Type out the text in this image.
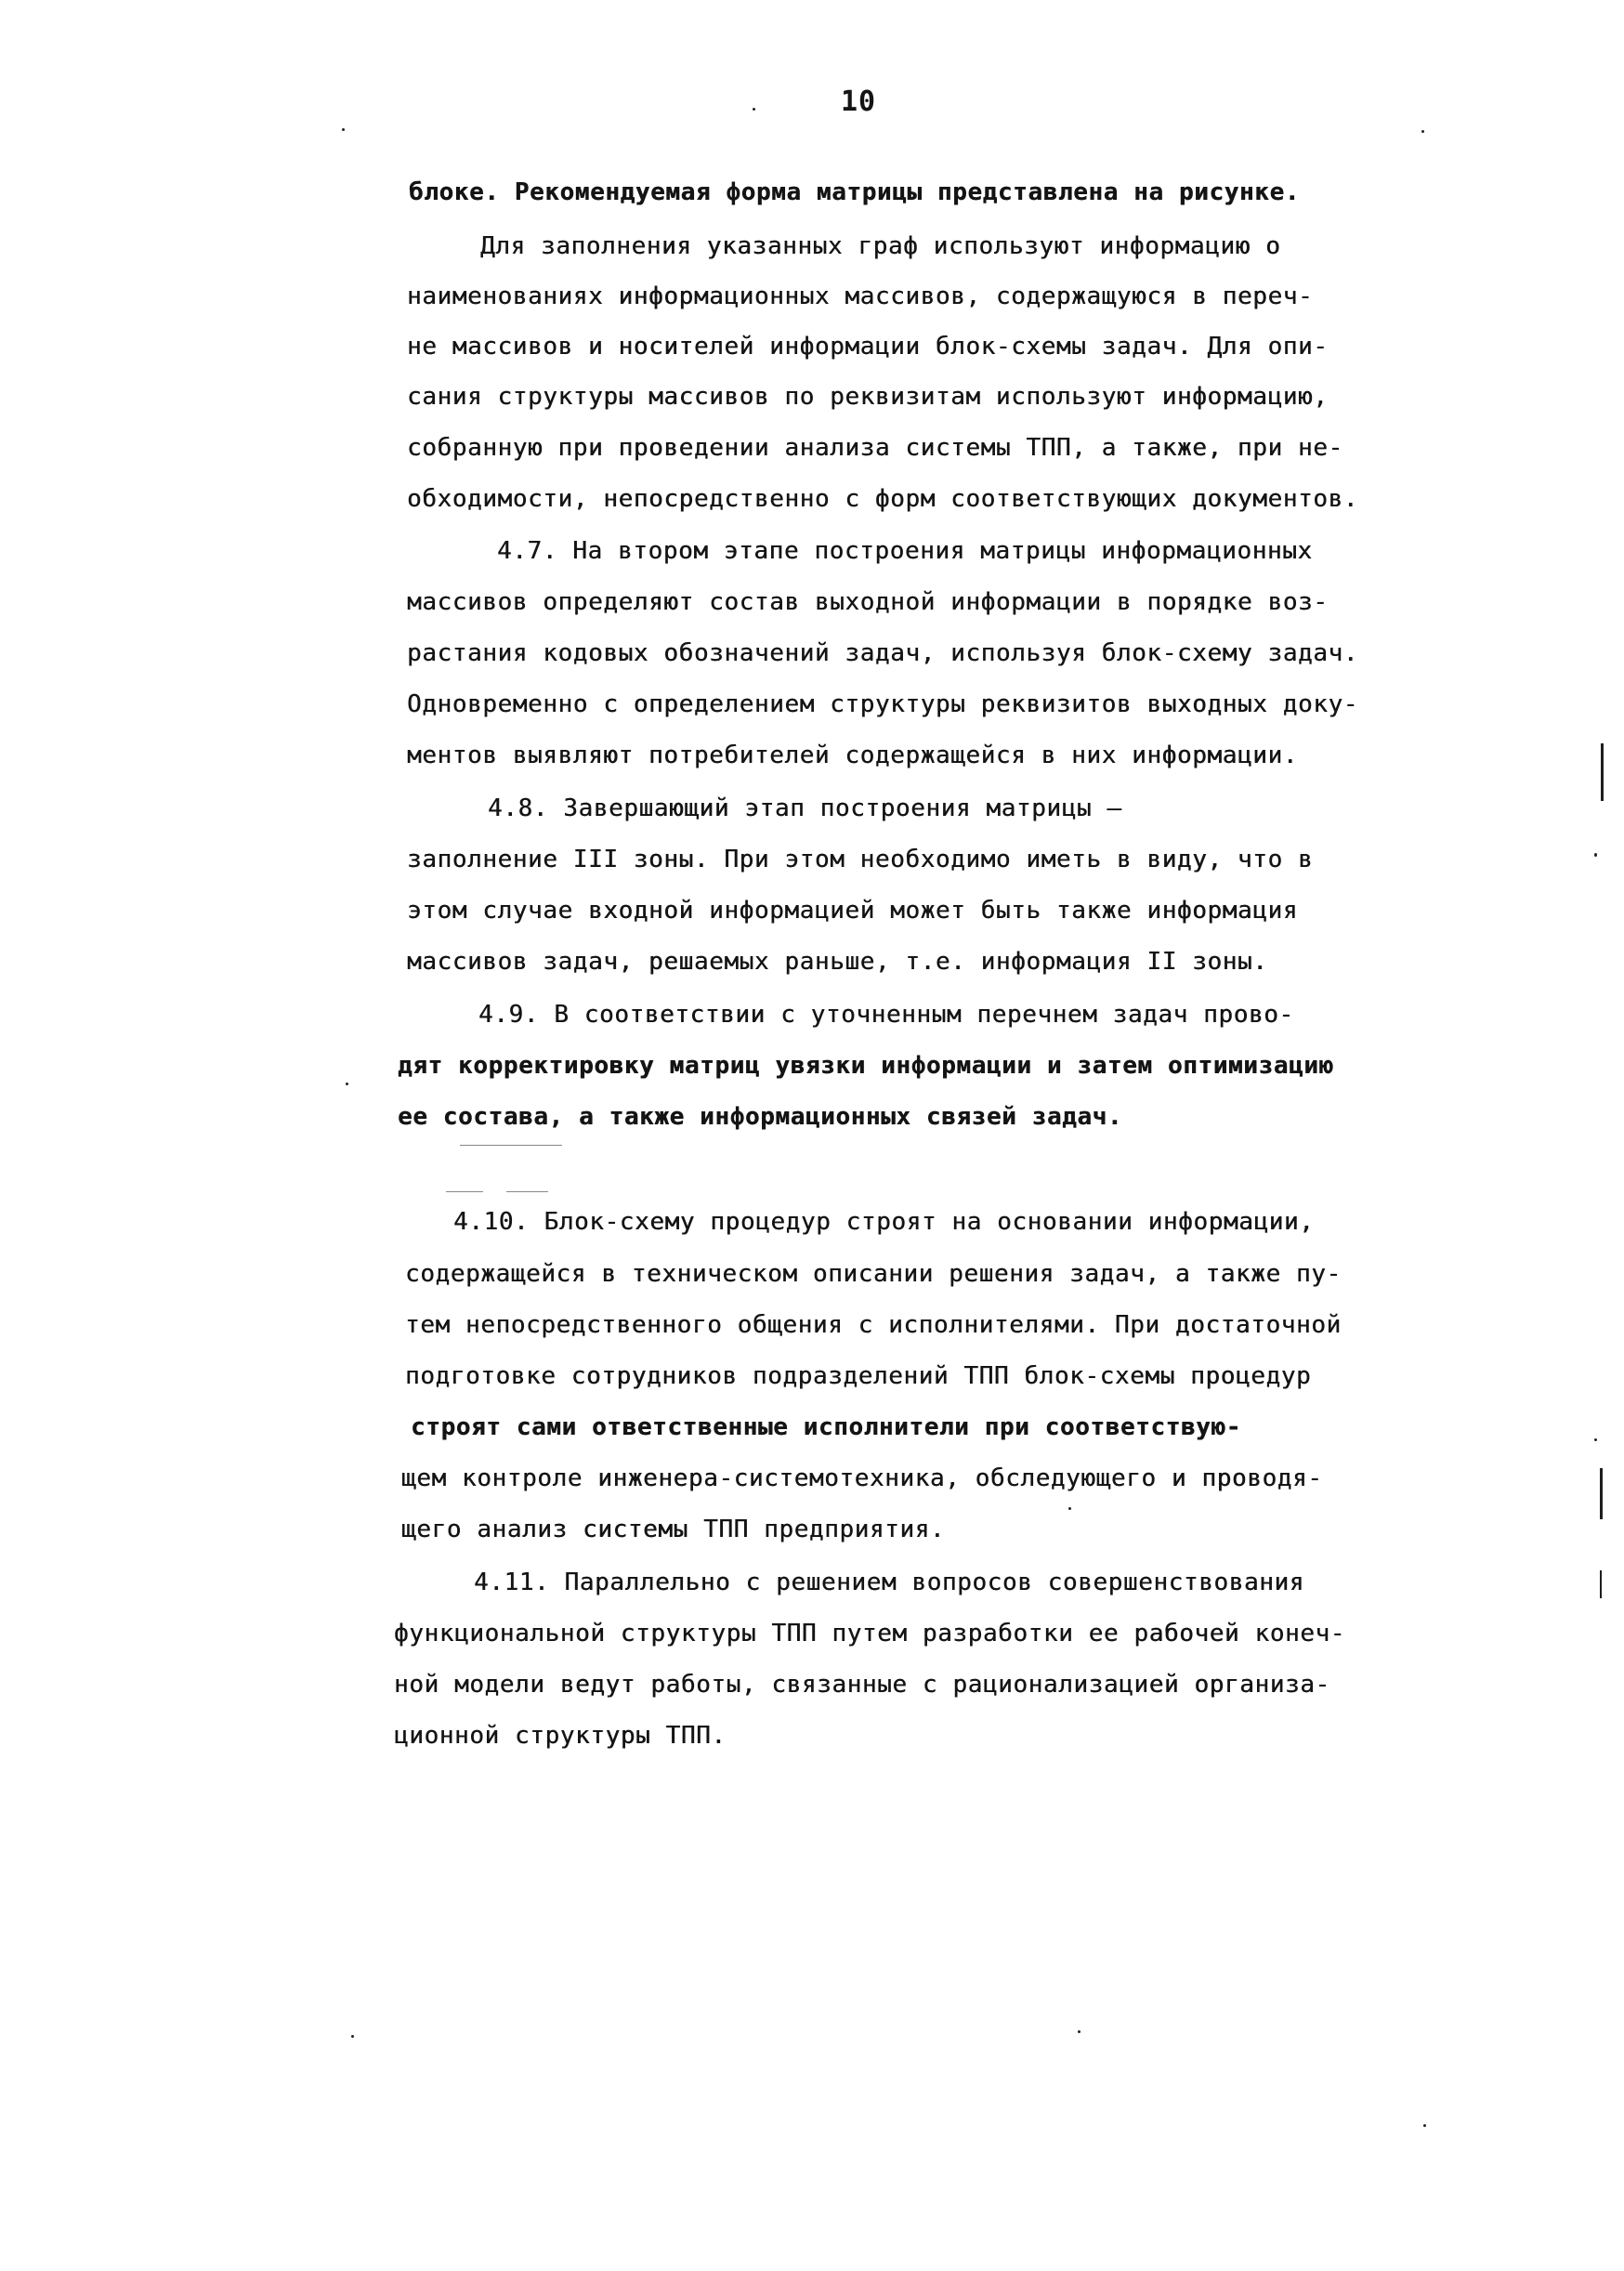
10
блоке. Рекомендуемая форма матрицы представлена на рисунке.
Для заполнения указанных граф используют информацию о
наименованиях информационных массивов, содержащуюся в переч-
не массивов и носителей информации блок-схемы задач. Для опи-
сания структуры массивов по реквизитам используют информацию,
собранную при проведении анализа системы ТПП, а также, при не-
обходимости, непосредственно с форм соответствующих документов.
4.7. На втором этапе построения матрицы информационных
массивов определяют состав выходной информации в порядке воз-
растания кодовых обозначений задач, используя блок-схему задач.
Одновременно с определением структуры реквизитов выходных доку-
ментов выявляют потребителей содержащейся в них информации.
4.8. Завершающий этап построения матрицы –
заполнение III зоны. При этом необходимо иметь в виду, что в
этом случае входной информацией может быть также информация
массивов задач, решаемых раньше, т.е. информация II зоны.
4.9. В соответствии с уточненным перечнем задач прово-
дят корректировку матриц увязки информации и затем оптимизацию
ее состава, а также информационных связей задач.
4.10. Блок-схему процедур строят на основании информации,
содержащейся в техническом описании решения задач, а также пу-
тем непосредственного общения с исполнителями. При достаточной
подготовке сотрудников подразделений ТПП блок-схемы процедур
строят сами ответственные исполнители при соответствую-
щем контроле инженера-системотехника, обследующего и проводя-
щего анализ системы ТПП предприятия.
4.11. Параллельно с решением вопросов совершенствования
функциональной структуры ТПП путем разработки ее рабочей конеч-
ной модели ведут работы, связанные с рационализацией организа-
ционной структуры ТПП.
